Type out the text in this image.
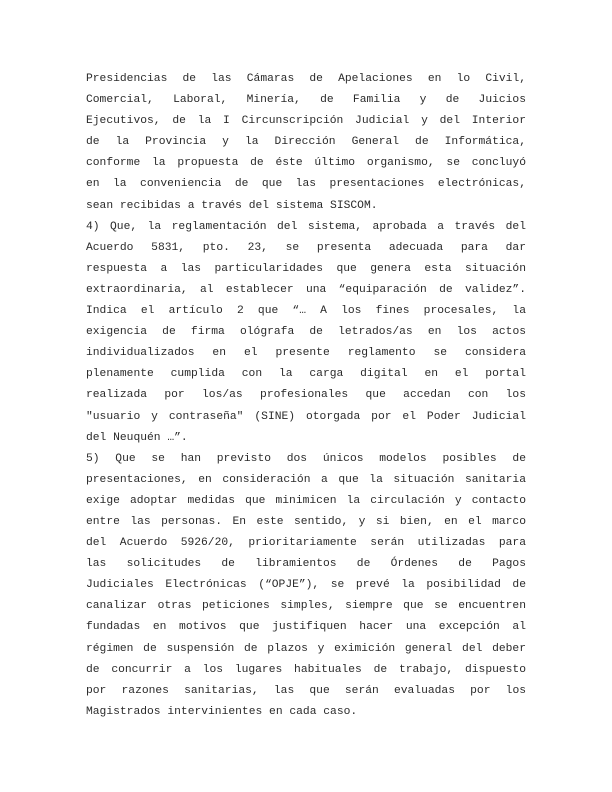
Presidencias de las Cámaras de Apelaciones en lo Civil,
Comercial, Laboral, Minería, de Familia y de Juicios
Ejecutivos, de la I Circunscripción Judicial y del Interior
de la Provincia y la Dirección General de Informática,
conforme la propuesta de éste último organismo, se concluyó
en la conveniencia de que las presentaciones electrónicas,
sean recibidas a través del sistema SISCOM.
4) Que, la reglamentación del sistema, aprobada a través del
Acuerdo 5831, pto. 23, se presenta adecuada para dar
respuesta a las particularidades que genera esta situación
extraordinaria, al establecer una “equiparación de validez”.
Indica el artículo 2 que “… A los fines procesales, la
exigencia de firma ológrafa de letrados/as en los actos
individualizados en el presente reglamento se considera
plenamente cumplida con la carga digital en el portal
realizada por los/as profesionales que accedan con los
"usuario y contraseña" (SINE) otorgada por el Poder Judicial
del Neuquén …”.
5) Que se han previsto dos únicos modelos posibles de
presentaciones, en consideración a que la situación sanitaria
exige adoptar medidas que minimicen la circulación y contacto
entre las personas. En este sentido, y si bien, en el marco
del Acuerdo 5926/20, prioritariamente serán utilizadas para
las solicitudes de libramientos de Órdenes de Pagos
Judiciales Electrónicas (“OPJE”), se prevé la posibilidad de
canalizar otras peticiones simples, siempre que se encuentren
fundadas en motivos que justifiquen hacer una excepción al
régimen de suspensión de plazos y eximición general del deber
de concurrir a los lugares habituales de trabajo, dispuesto
por razones sanitarias, las que serán evaluadas por los
Magistrados intervinientes en cada caso.
